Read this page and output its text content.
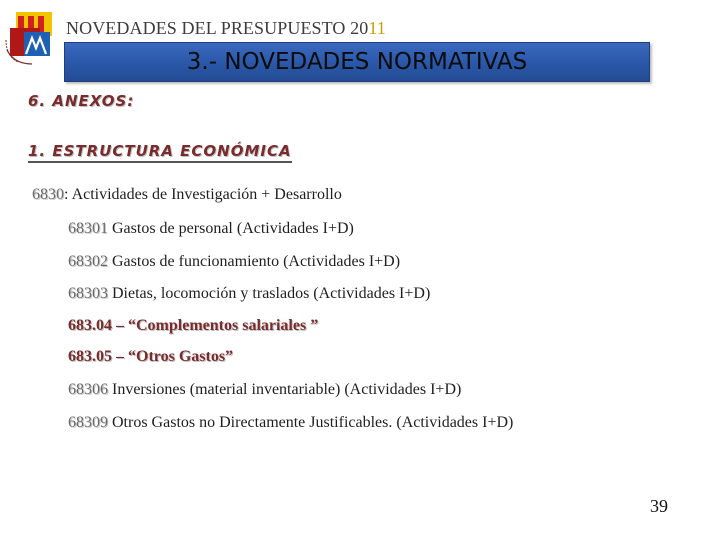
NOVEDADES DEL PRESUPUESTO 2011
3.- NOVEDADES NORMATIVAS
6. ANEXOS:
1. ESTRUCTURA ECONÓMICA
6830: Actividades de Investigación + Desarrollo
68301 Gastos de personal (Actividades I+D)
68302 Gastos de funcionamiento (Actividades I+D)
68303 Dietas, locomoción y traslados (Actividades I+D)
683.04 – “Complementos salariales ”
683.05 – “Otros Gastos”
68306 Inversiones (material inventariable) (Actividades I+D)
68309 Otros Gastos no Directamente Justificables. (Actividades I+D)
39
